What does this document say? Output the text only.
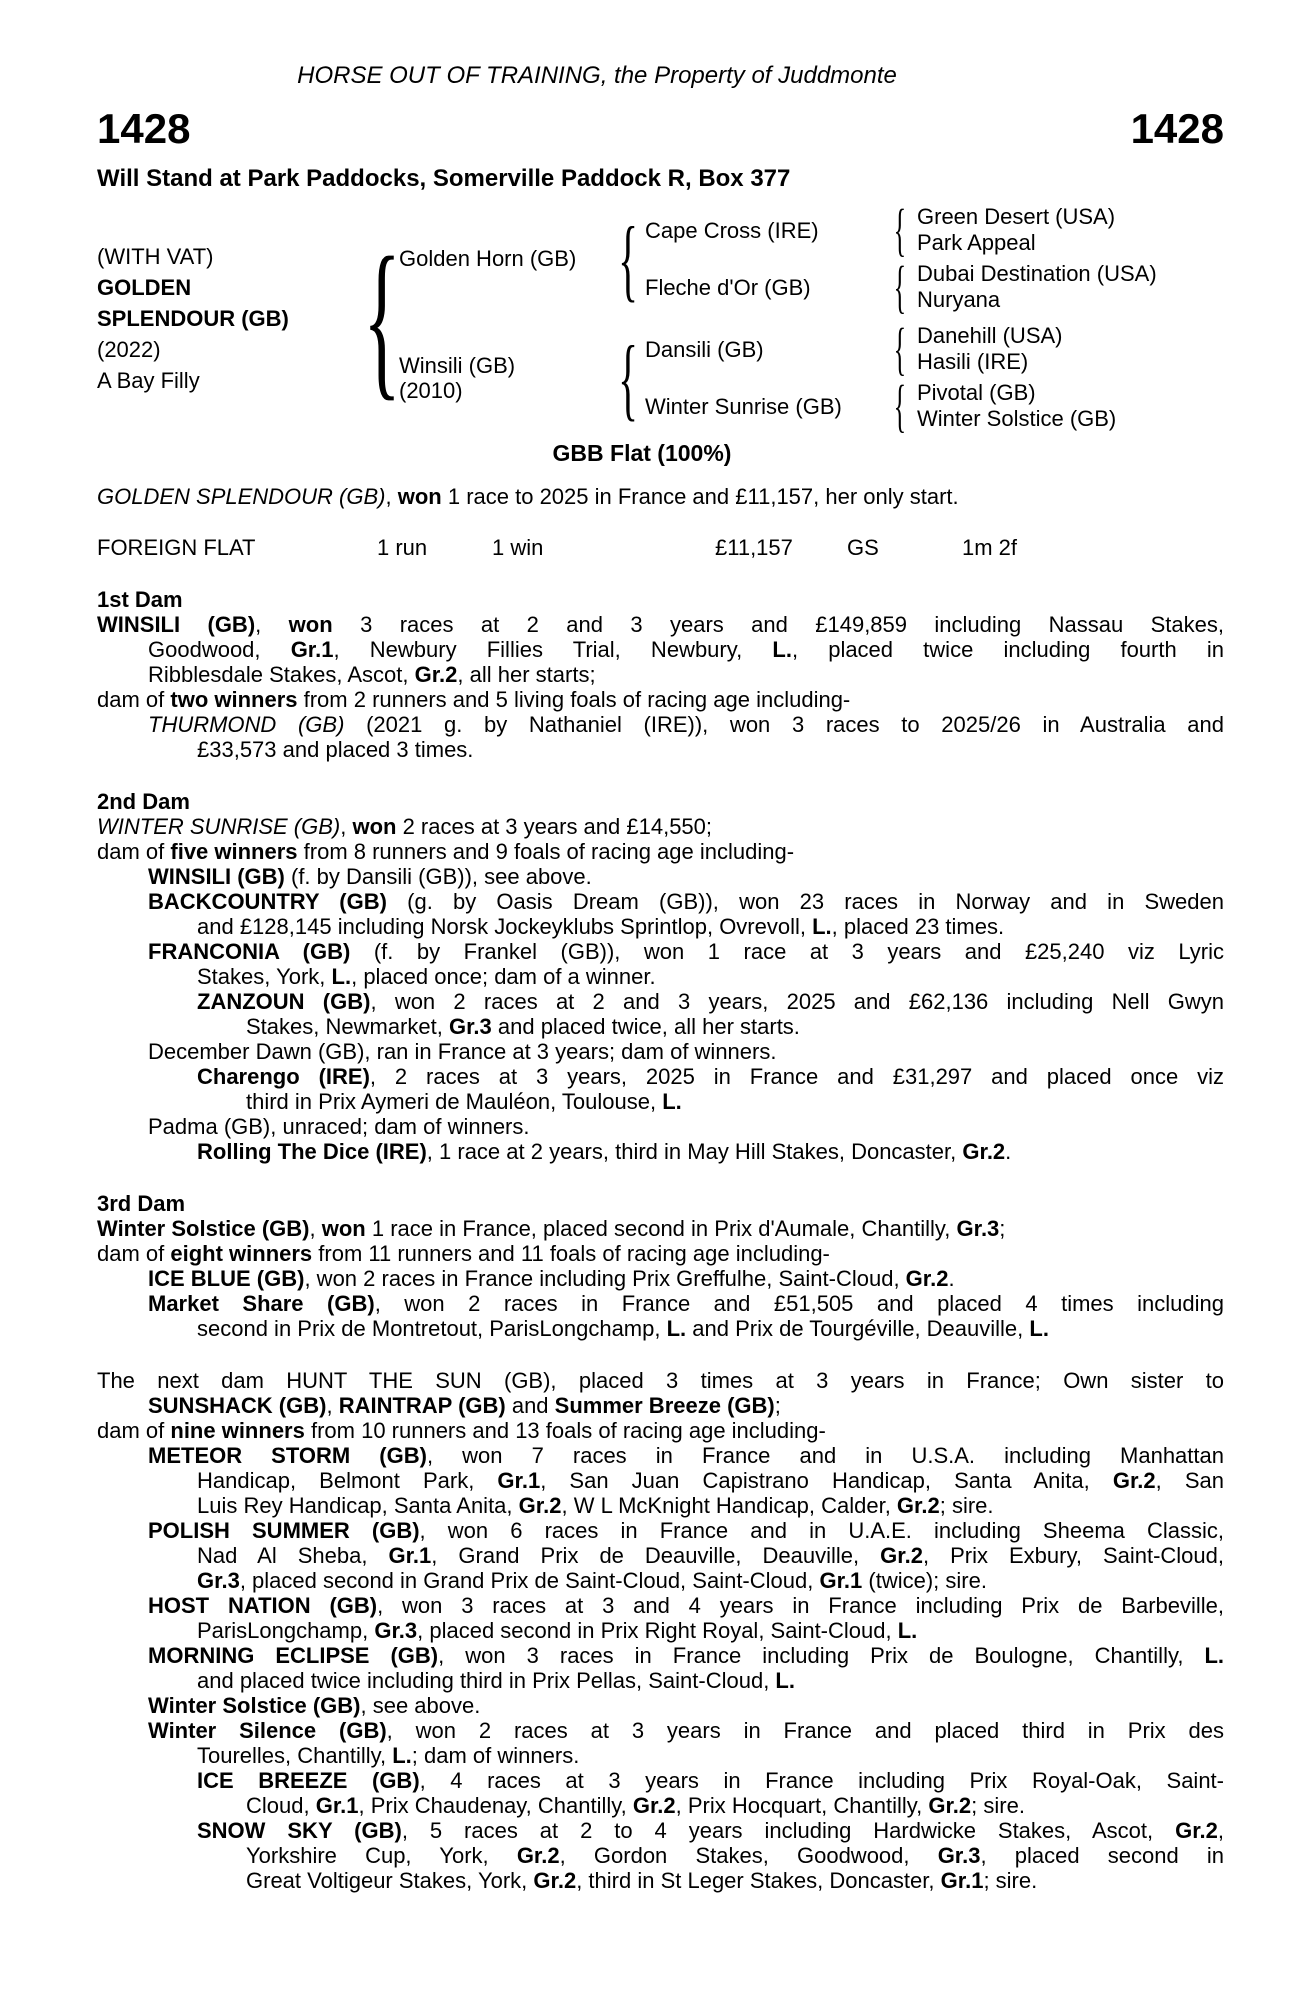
HORSE OUT OF TRAINING, the Property of Juddmonte
1428	1428
Will Stand at Park Paddocks, Somerville Paddock R, Box 377
(WITH VAT)
GOLDEN
SPLENDOUR (GB)
(2022)
A Bay Filly {
Golden Horn (GB) { Cape Cross (IRE)	{ Green Desert (USA)
Park Appeal
Fleche d'Or (GB)	{ Dubai Destination (USA)
Nuryana
Winsili (GB)
(2010)	{ Dansili (GB)	{ Danehill (USA)
Hasili (IRE)
Winter Sunrise (GB) { Pivotal (GB)
Winter Solstice (GB)
GBB Flat (100%)
GOLDEN SPLENDOUR (GB), won 1 race to 2025 in France and £11,157, her only start.
FOREIGN FLAT	1 run	1 win	£11,157 GS	1m 2f
1st Dam
WINSILI (GB), won 3 races at 2 and 3 years and £149,859 including Nassau Stakes,
Goodwood, Gr.1, Newbury Fillies Trial, Newbury, L., placed twice including fourth in
Ribblesdale Stakes, Ascot, Gr.2, all her starts;
dam of two winners from 2 runners and 5 living foals of racing age including-
THURMOND (GB) (2021 g. by Nathaniel (IRE)), won 3 races to 2025/26 in Australia and
£33,573 and placed 3 times.
2nd Dam
WINTER SUNRISE (GB), won 2 races at 3 years and £14,550;
dam of five winners from 8 runners and 9 foals of racing age including-
WINSILI (GB) (f. by Dansili (GB)), see above.
BACKCOUNTRY (GB) (g. by Oasis Dream (GB)), won 23 races in Norway and in Sweden
and £128,145 including Norsk Jockeyklubs Sprintlop, Ovrevoll, L., placed 23 times.
FRANCONIA (GB) (f. by Frankel (GB)), won 1 race at 3 years and £25,240 viz Lyric
Stakes, York, L., placed once; dam of a winner.
ZANZOUN (GB), won 2 races at 2 and 3 years, 2025 and £62,136 including Nell Gwyn
Stakes, Newmarket, Gr.3 and placed twice, all her starts.
December Dawn (GB), ran in France at 3 years; dam of winners.
Charengo (IRE), 2 races at 3 years, 2025 in France and £31,297 and placed once viz
third in Prix Aymeri de Mauléon, Toulouse, L.
Padma (GB), unraced; dam of winners.
Rolling The Dice (IRE), 1 race at 2 years, third in May Hill Stakes, Doncaster, Gr.2.
3rd Dam
Winter Solstice (GB), won 1 race in France, placed second in Prix d'Aumale, Chantilly, Gr.3;
dam of eight winners from 11 runners and 11 foals of racing age including-
ICE BLUE (GB), won 2 races in France including Prix Greffulhe, Saint-Cloud, Gr.2.
Market Share (GB), won 2 races in France and £51,505 and placed 4 times including
second in Prix de Montretout, ParisLongchamp, L. and Prix de Tourgéville, Deauville, L.
The next dam HUNT THE SUN (GB), placed 3 times at 3 years in France; Own sister to
SUNSHACK (GB), RAINTRAP (GB) and Summer Breeze (GB);
dam of nine winners from 10 runners and 13 foals of racing age including-
METEOR STORM (GB), won 7 races in France and in U.S.A. including Manhattan
Handicap, Belmont Park, Gr.1, San Juan Capistrano Handicap, Santa Anita, Gr.2, San
Luis Rey Handicap, Santa Anita, Gr.2, W L McKnight Handicap, Calder, Gr.2; sire.
POLISH SUMMER (GB), won 6 races in France and in U.A.E. including Sheema Classic,
Nad Al Sheba, Gr.1, Grand Prix de Deauville, Deauville, Gr.2, Prix Exbury, Saint-Cloud,
Gr.3, placed second in Grand Prix de Saint-Cloud, Saint-Cloud, Gr.1 (twice); sire.
HOST NATION (GB), won 3 races at 3 and 4 years in France including Prix de Barbeville,
ParisLongchamp, Gr.3, placed second in Prix Right Royal, Saint-Cloud, L.
MORNING ECLIPSE (GB), won 3 races in France including Prix de Boulogne, Chantilly, L.
and placed twice including third in Prix Pellas, Saint-Cloud, L.
Winter Solstice (GB), see above.
Winter Silence (GB), won 2 races at 3 years in France and placed third in Prix des
Tourelles, Chantilly, L.; dam of winners.
ICE BREEZE (GB), 4 races at 3 years in France including Prix Royal-Oak, Saint-
Cloud, Gr.1, Prix Chaudenay, Chantilly, Gr.2, Prix Hocquart, Chantilly, Gr.2; sire.
SNOW SKY (GB), 5 races at 2 to 4 years including Hardwicke Stakes, Ascot, Gr.2,
Yorkshire Cup, York, Gr.2, Gordon Stakes, Goodwood, Gr.3, placed second in
Great Voltigeur Stakes, York, Gr.2, third in St Leger Stakes, Doncaster, Gr.1; sire.
